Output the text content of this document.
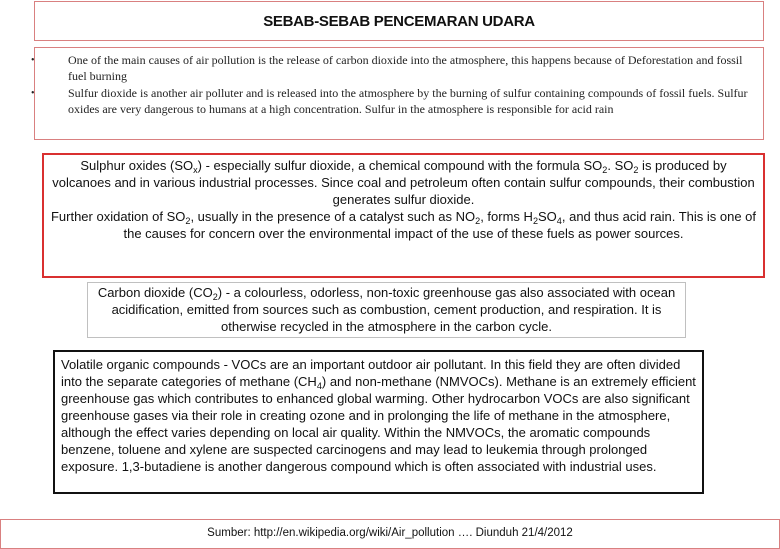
SEBAB-SEBAB PENCEMARAN UDARA
•	One of the main causes of air pollution is the release of carbon dioxide into the atmosphere, this happens because of Deforestation and fossil fuel burning
•	Sulfur dioxide is another air polluter and is released into the atmosphere by the burning of sulfur containing compounds of fossil fuels. Sulfur oxides are very dangerous to humans at a high concentration. Sulfur in the atmosphere is responsible for acid rain

Sulphur oxides $(SO_x)$ - especially sulfur dioxide, a chemical compound with the formula $SO_2$. $SO_2$ is produced by volcanoes and in various industrial processes. Since coal and petroleum often contain sulfur compounds, their combustion generates sulfur dioxide.

Further oxidation of $SO_2$, usually in the presence of a catalyst such as $NO_2$, forms $H_2SO_4$, and thus acid rain. This is one of the causes for concern over the environmental impact of the use of these fuels as power sources.

Carbon dioxide $(CO_2)$ - a colourless, odorless, non-toxic greenhouse gas also associated with ocean acidification, emitted from sources such as combustion, cement production, and respiration. It is otherwise recycled in the atmosphere in the carbon cycle.

Volatile organic compounds - VOCs are an important outdoor air pollutant. In this field they are often divided into the separate categories of methane $(CH_4)$ and non-methane (NMVOCs). Methane is an extremely efficient greenhouse gas which contributes to enhanced global warming. Other hydrocarbon VOCs are also significant greenhouse gases via their role in creating ozone and in prolonging the life of methane in the atmosphere, although the effect varies depending on local air quality. Within the NMVOCs, the aromatic compounds benzene, toluene and xylene are suspected carcinogens and may lead to leukemia through prolonged exposure. 1,3-butadiene is another dangerous compound which is often associated with industrial uses.

Sumber: http://en.wikipedia.org/wiki/Air_pollution …. Diunduh 21/4/2012
